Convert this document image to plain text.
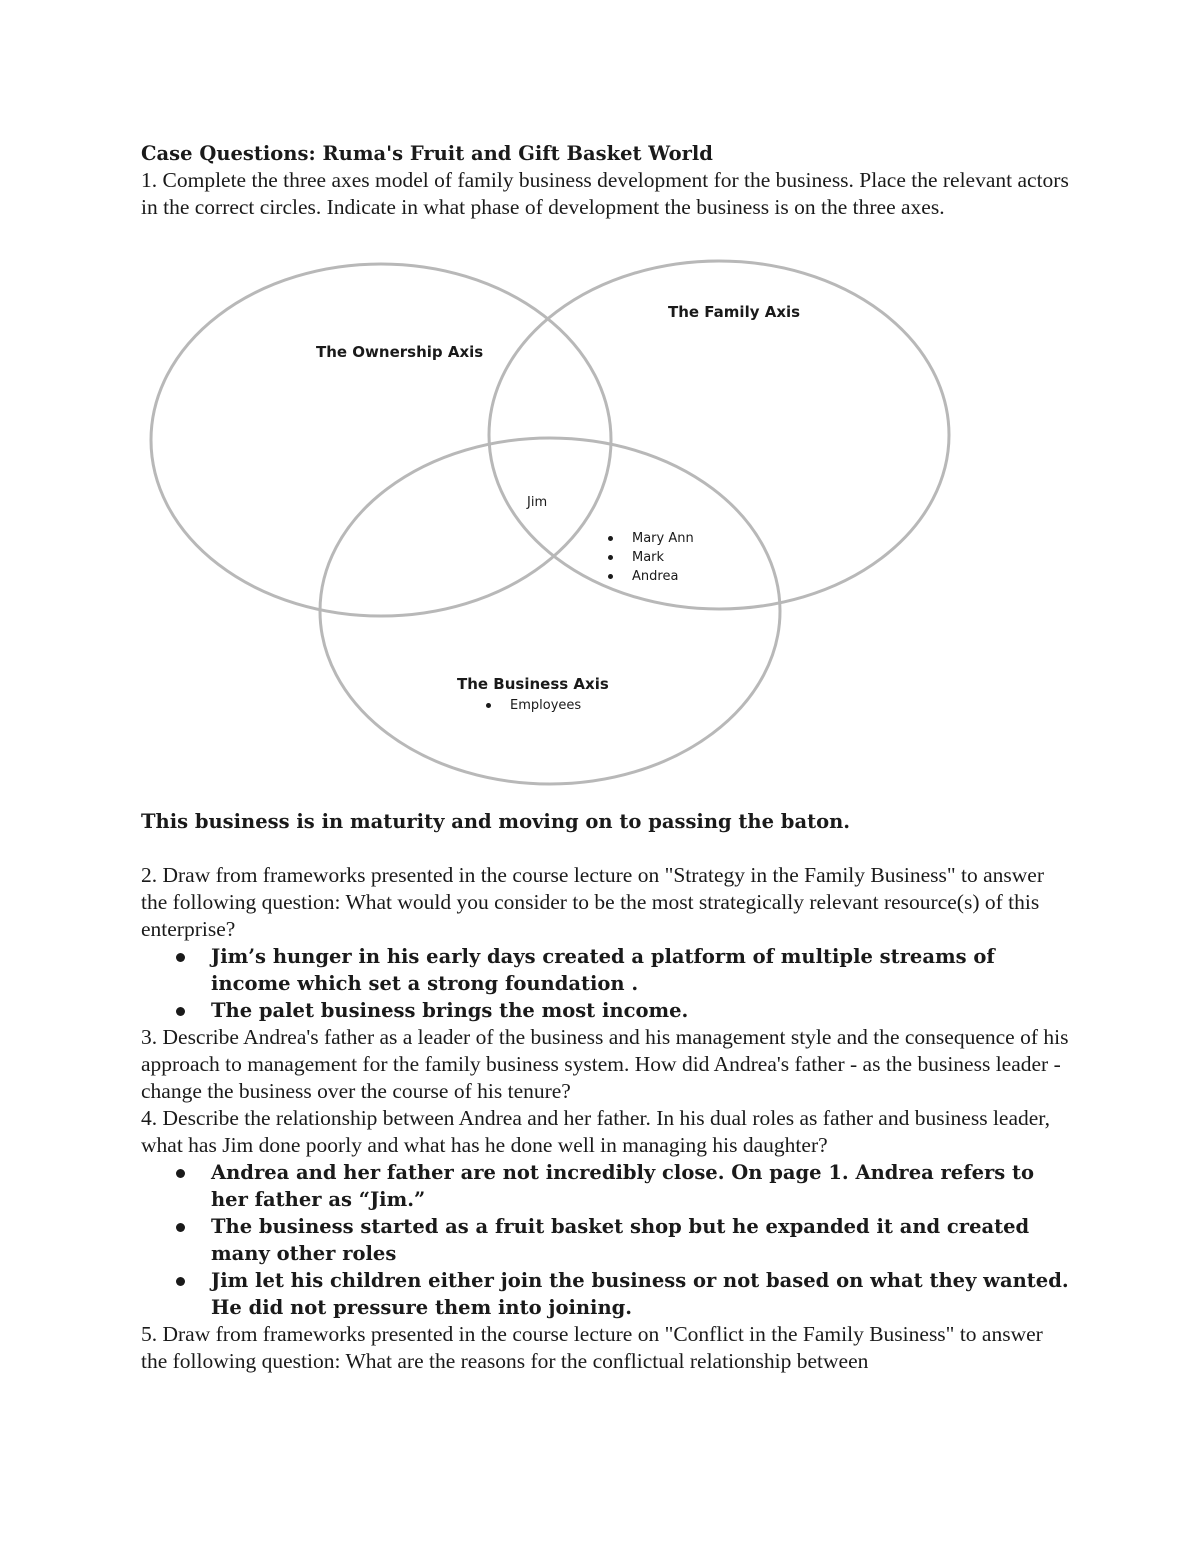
Case Questions: Ruma's Fruit and Gift Basket World

1. Complete the three axes model of family business development for the business. Place the relevant actors in the correct circles. Indicate in what phase of development the business is on the three axes.

The Ownership Axis
The Family Axis
The Business Axis
Jim
Mary Ann
Mark
Andrea
Employees

This business is in maturity and moving on to passing the baton.

2. Draw from frameworks presented in the course lecture on "Strategy in the Family Business" to answer the following question: What would you consider to be the most strategically relevant resource(s) of this enterprise?

Jim’s hunger in his early days created a platform of multiple streams of income which set a strong foundation .
The palet business brings the most income.

3. Describe Andrea's father as a leader of the business and his management style and the consequence of his approach to management for the family business system. How did Andrea's father - as the business leader - change the business over the course of his tenure?

4. Describe the relationship between Andrea and her father. In his dual roles as father and business leader, what has Jim done poorly and what has he done well in managing his daughter?

Andrea and her father are not incredibly close. On page 1. Andrea refers to her father as “Jim.”
The business started as a fruit basket shop but he expanded it and created many other roles
Jim let his children either join the business or not based on what they wanted. He did not pressure them into joining.

5. Draw from frameworks presented in the course lecture on "Conflict in the Family Business" to answer the following question: What are the reasons for the conflictual relationship between
